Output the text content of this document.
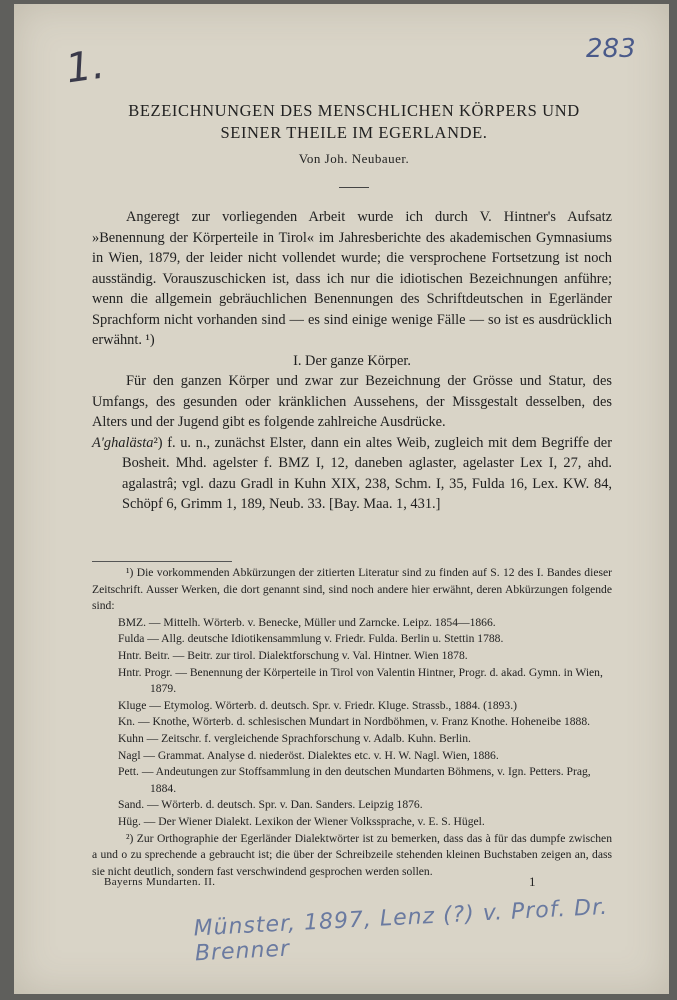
1.	283
BEZEICHNUNGEN DES MENSCHLICHEN KÖRPERS UND
SEINER THEILE IM EGERLANDE.
Von Joh. Neubauer.

Angeregt zur vorliegenden Arbeit wurde ich durch V. Hintner's Aufsatz »Benennung der Körperteile in Tirol« im Jahresberichte des akademischen Gymnasiums in Wien, 1879, der leider nicht vollendet wurde; die versprochene Fortsetzung ist noch ausständig. Vorauszuschicken ist, dass ich nur die idiotischen Bezeichnungen anführe; wenn die allgemein gebräuchlichen Benennungen des Schriftdeutschen in Egerländer Sprachform nicht vorhanden sind — es sind einige wenige Fälle — so ist es ausdrücklich erwähnt. ¹)

I. Der ganze Körper.

Für den ganzen Körper und zwar zur Bezeichnung der Grösse und Statur, des Umfangs, des gesunden oder kränklichen Aussehens, der Missgestalt desselben, des Alters und der Jugend gibt es folgende zahlreiche Ausdrücke.

A'ghalästa²) f. u. n., zunächst Elster, dann ein altes Weib, zugleich mit dem Begriffe der Bosheit. Mhd. agelster f. BMZ I, 12, daneben aglaster, agelaster Lex I, 27, ahd. agalastrâ; vgl. dazu Gradl in Kuhn XIX, 238, Schm. I, 35, Fulda 16, Lex. KW. 84, Schöpf 6, Grimm 1, 189, Neub. 33. [Bay. Maa. 1, 431.]

¹) Die vorkommenden Abkürzungen der zitierten Literatur sind zu finden auf S. 12 des I. Bandes dieser Zeitschrift. Ausser Werken, die dort genannt sind, sind noch andere hier erwähnt, deren Abkürzungen folgende sind:

BMZ. — Mittelh. Wörterb. v. Benecke, Müller und Zarncke. Leipz. 1854—1866.

Fulda — Allg. deutsche Idiotikensammlung v. Friedr. Fulda. Berlin u. Stettin 1788.

Hntr. Beitr. — Beitr. zur tirol. Dialektforschung v. Val. Hintner. Wien 1878.

Hntr. Progr. — Benennung der Körperteile in Tirol von Valentin Hintner, Progr. d. akad. Gymn. in Wien, 1879.

Kluge — Etymolog. Wörterb. d. deutsch. Spr. v. Friedr. Kluge. Strassb., 1884. (1893.)

Kn. — Knothe, Wörterb. d. schlesischen Mundart in Nordböhmen, v. Franz Knothe. Hoheneibe 1888.

Kuhn — Zeitschr. f. vergleichende Sprachforschung v. Adalb. Kuhn. Berlin.

Nagl — Grammat. Analyse d. niederöst. Dialektes etc. v. H. W. Nagl. Wien, 1886.

Pett. — Andeutungen zur Stoffsammlung in den deutschen Mundarten Böhmens, v. Ign. Petters. Prag, 1884.

Sand. — Wörterb. d. deutsch. Spr. v. Dan. Sanders. Leipzig 1876.

Hüg. — Der Wiener Dialekt. Lexikon der Wiener Volkssprache, v. E. S. Hügel.

²) Zur Orthographie der Egerländer Dialektwörter ist zu bemerken, dass das à für das dumpfe zwischen a und o zu sprechende a gebraucht ist; die über der Schreibzeile stehenden kleinen Buchstaben zeigen an, dass sie nicht deutlich, sondern fast verschwindend gesprochen werden sollen.

Bayerns Mundarten. II.	1
Münster, 1897, Lenz (?) v. Prof. Dr. Brenner
